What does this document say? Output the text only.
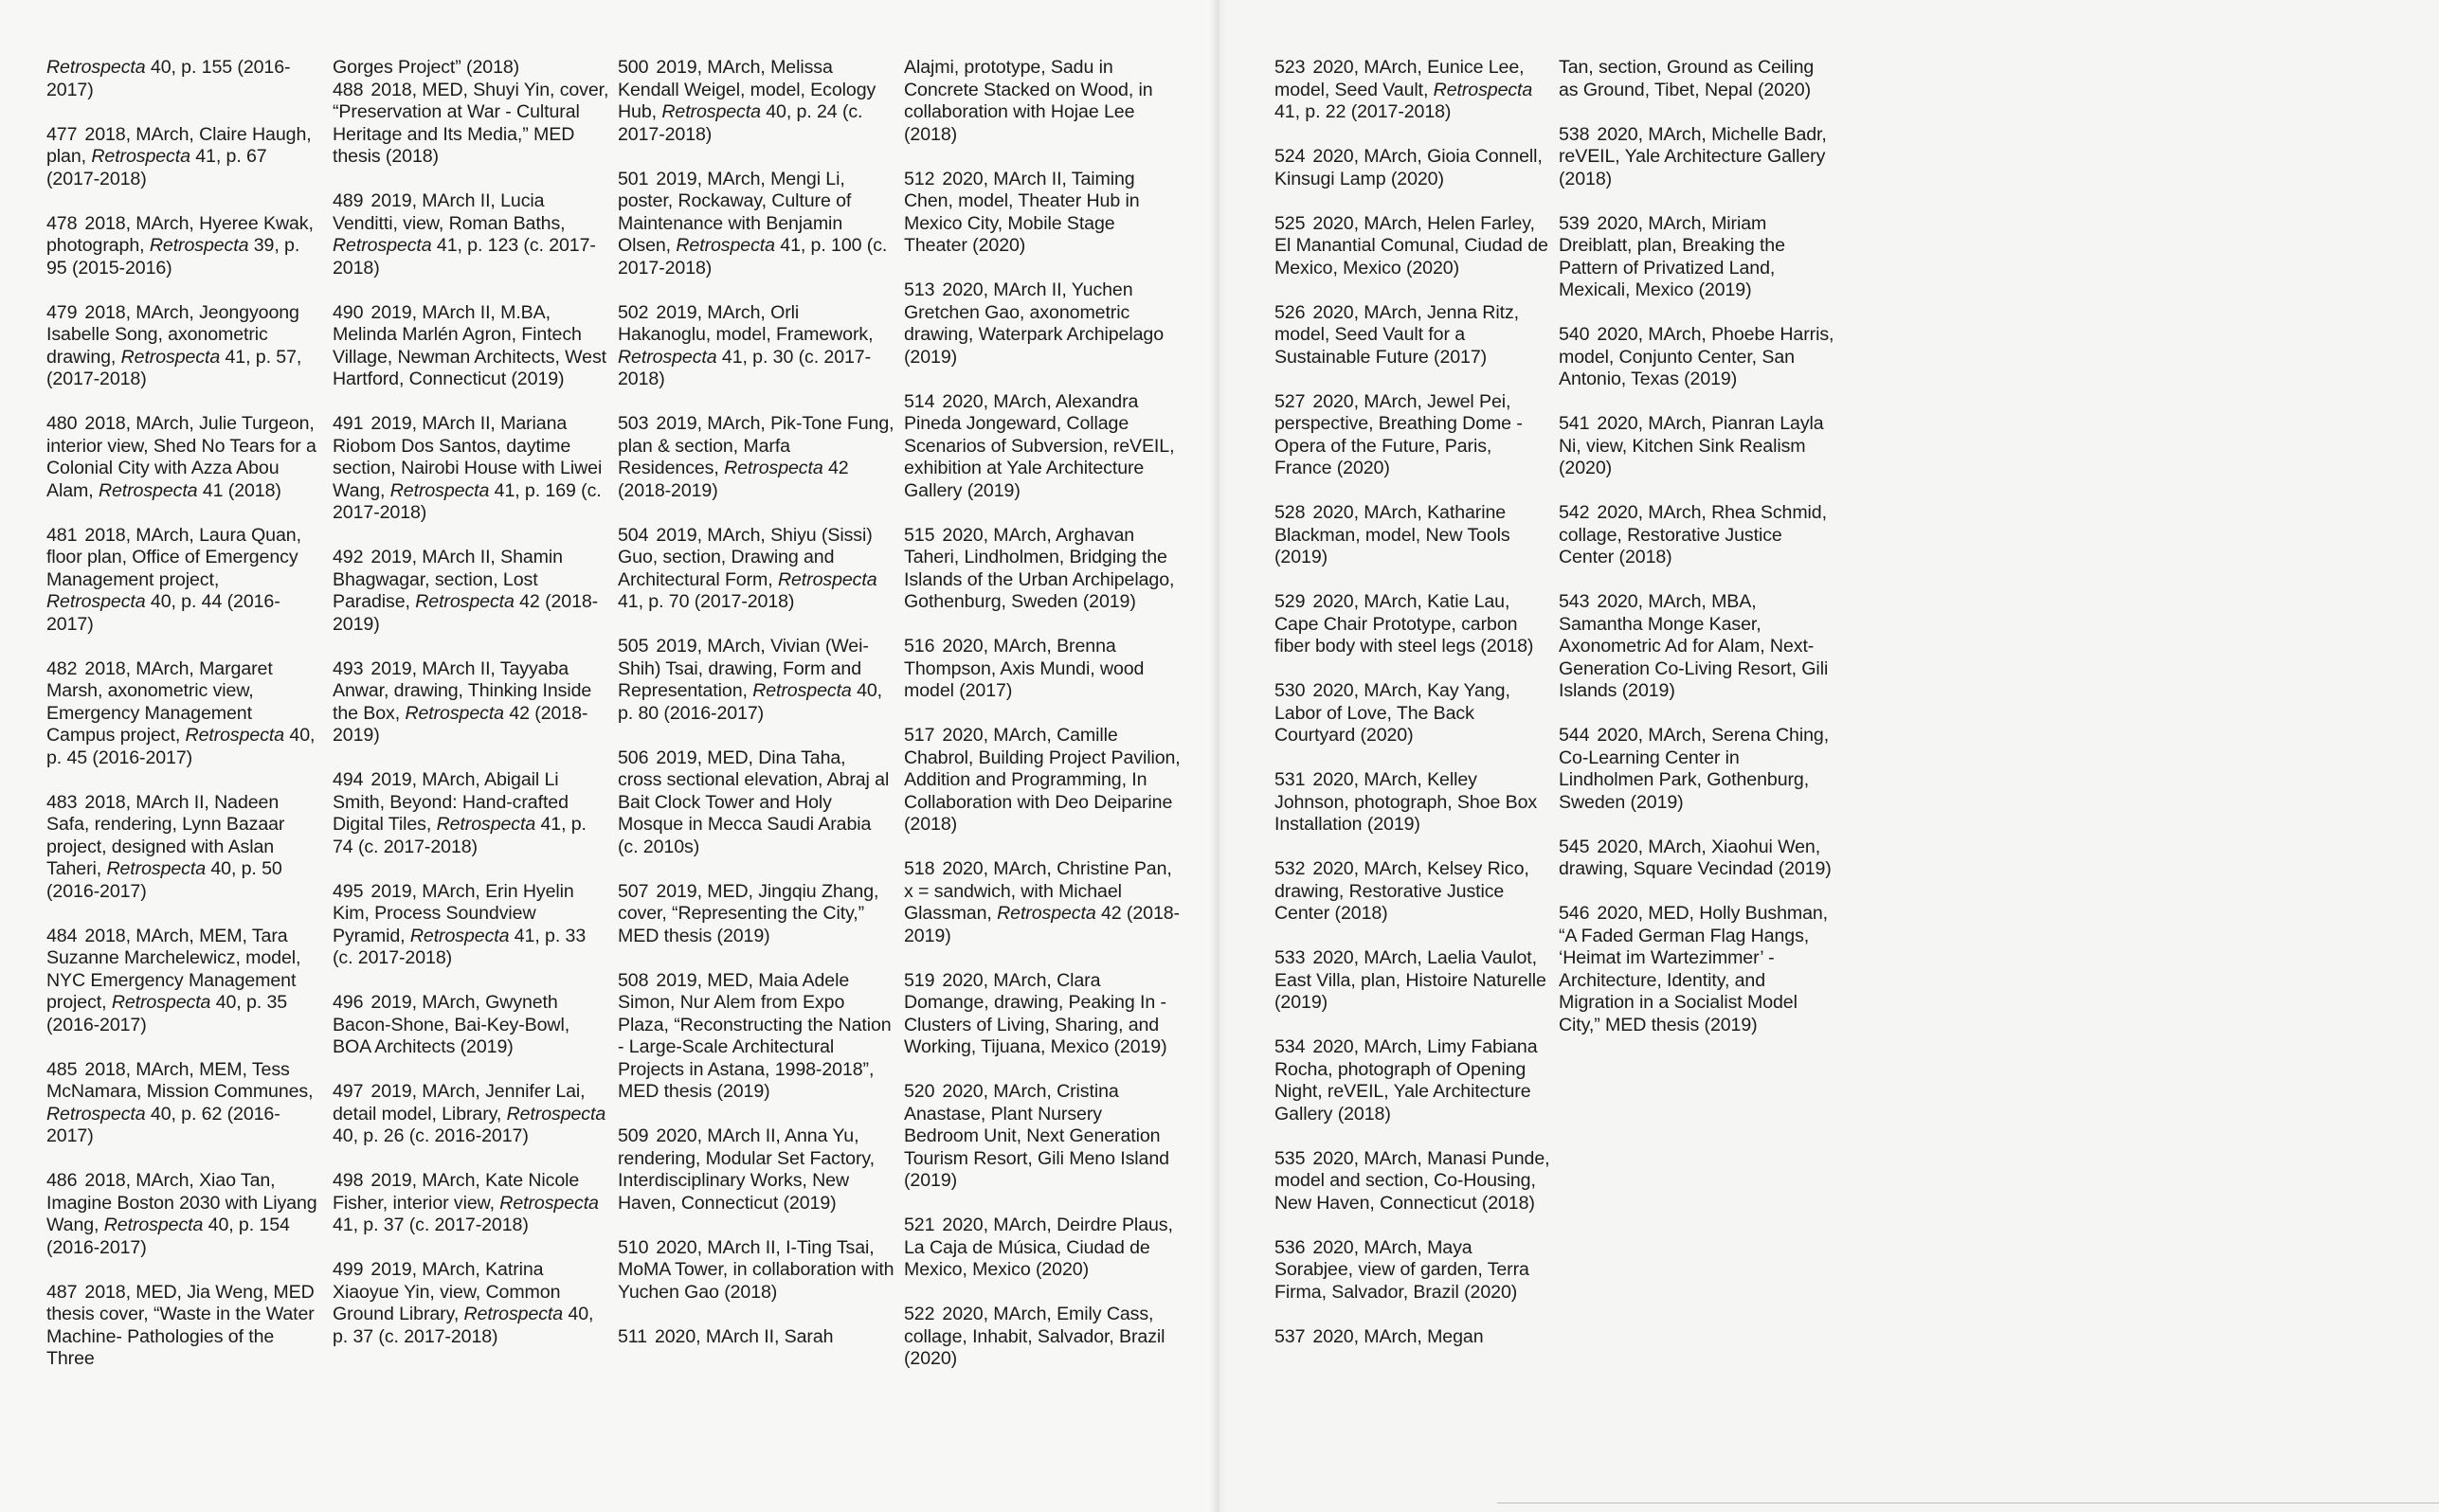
Retrospecta 40, p. 155 (2016-2017)

477 2018, MArch, Claire Haugh, plan, Retrospecta 41, p. 67 (2017-2018)

478 2018, MArch, Hyeree Kwak, photograph, Retrospecta 39, p. 95 (2015-2016)

479 2018, MArch, Jeongyoong Isabelle Song, axonometric drawing, Retrospecta 41, p. 57, (2017-2018)

480 2018, MArch, Julie Turgeon, interior view, Shed No Tears for a Colonial City with Azza Abou Alam, Retrospecta 41 (2018)

481 2018, MArch, Laura Quan, floor plan, Office of Emergency Management project, Retrospecta 40, p. 44 (2016-2017)

482 2018, MArch, Margaret Marsh, axonometric view, Emergency Management Campus project, Retrospecta 40, p. 45 (2016-2017)

483 2018, MArch II, Nadeen Safa, rendering, Lynn Bazaar project, designed with Aslan Taheri, Retrospecta 40, p. 50 (2016-2017)

484 2018, MArch, MEM, Tara Suzanne Marchelewicz, model, NYC Emergency Management project, Retrospecta 40, p. 35 (2016-2017)

485 2018, MArch, MEM, Tess McNamara, Mission Communes, Retrospecta 40, p. 62 (2016-2017)

486 2018, MArch, Xiao Tan, Imagine Boston 2030 with Liyang Wang, Retrospecta 40, p. 154 (2016-2017)

487 2018, MED, Jia Weng, MED thesis cover, “Waste in the Water Machine- Pathologies of the Three

Gorges Project” (2018)

488 2018, MED, Shuyi Yin, cover, “Preservation at War - Cultural Heritage and Its Media,” MED thesis (2018)

489 2019, MArch II, Lucia Venditti, view, Roman Baths, Retrospecta 41, p. 123 (c. 2017-2018)

490 2019, MArch II, M.BA, Melinda Marlén Agron, Fintech Village, Newman Architects, West Hartford, Connecticut (2019)

491 2019, MArch II, Mariana Riobom Dos Santos, daytime section, Nairobi House with Liwei Wang, Retrospecta 41, p. 169 (c. 2017-2018)

492 2019, MArch II, Shamin Bhagwagar, section, Lost Paradise, Retrospecta 42 (2018-2019)

493 2019, MArch II, Tayyaba Anwar, drawing, Thinking Inside the Box, Retrospecta 42 (2018-2019)

494 2019, MArch, Abigail Li Smith, Beyond: Hand-crafted Digital Tiles, Retrospecta 41, p. 74 (c. 2017-2018)

495 2019, MArch, Erin Hyelin Kim, Process Soundview Pyramid, Retrospecta 41, p. 33 (c. 2017-2018)

496 2019, MArch, Gwyneth Bacon-Shone, Bai-Key-Bowl, BOA Architects (2019)

497 2019, MArch, Jennifer Lai, detail model, Library, Retrospecta 40, p. 26 (c. 2016-2017)

498 2019, MArch, Kate Nicole Fisher, interior view, Retrospecta 41, p. 37 (c. 2017-2018)

499 2019, MArch, Katrina Xiaoyue Yin, view, Common Ground Library, Retrospecta 40, p. 37 (c. 2017-2018)

500 2019, MArch, Melissa Kendall Weigel, model, Ecology Hub, Retrospecta 40, p. 24 (c. 2017-2018)

501 2019, MArch, Mengi Li, poster, Rockaway, Culture of Maintenance with Benjamin Olsen, Retrospecta 41, p. 100 (c. 2017-2018)

502 2019, MArch, Orli Hakanoglu, model, Framework, Retrospecta 41, p. 30 (c. 2017-2018)

503 2019, MArch, Pik-Tone Fung, plan & section, Marfa Residences, Retrospecta 42 (2018-2019)

504 2019, MArch, Shiyu (Sissi) Guo, section, Drawing and Architectural Form, Retrospecta 41, p. 70 (2017-2018)

505 2019, MArch, Vivian (Wei-Shih) Tsai, drawing, Form and Representation, Retrospecta 40, p. 80 (2016-2017)

506 2019, MED, Dina Taha, cross sectional elevation, Abraj al Bait Clock Tower and Holy Mosque in Mecca Saudi Arabia (c. 2010s)

507 2019, MED, Jingqiu Zhang, cover, “Representing the City,” MED thesis (2019)

508 2019, MED, Maia Adele Simon, Nur Alem from Expo Plaza, “Reconstructing the Nation - Large-Scale Architectural Projects in Astana, 1998-2018”, MED thesis (2019)

509 2020, MArch II, Anna Yu, rendering, Modular Set Factory, Interdisciplinary Works, New Haven, Connecticut (2019)

510 2020, MArch II, I-Ting Tsai, MoMA Tower, in collaboration with Yuchen Gao (2018)

511 2020, MArch II, Sarah

Alajmi, prototype, Sadu in Concrete Stacked on Wood, in collaboration with Hojae Lee (2018)

512 2020, MArch II, Taiming Chen, model, Theater Hub in Mexico City, Mobile Stage Theater (2020)

513 2020, MArch II, Yuchen Gretchen Gao, axonometric drawing, Waterpark Archipelago (2019)

514 2020, MArch, Alexandra Pineda Jongeward, Collage Scenarios of Subversion, reVEIL, exhibition at Yale Architecture Gallery (2019)

515 2020, MArch, Arghavan Taheri, Lindholmen, Bridging the Islands of the Urban Archipelago, Gothenburg, Sweden (2019)

516 2020, MArch, Brenna Thompson, Axis Mundi, wood model (2017)

517 2020, MArch, Camille Chabrol, Building Project Pavilion, Addition and Programming, In Collaboration with Deo Deiparine (2018)

518 2020, MArch, Christine Pan, x = sandwich, with Michael Glassman, Retrospecta 42 (2018-2019)

519 2020, MArch, Clara Domange, drawing, Peaking In - Clusters of Living, Sharing, and Working, Tijuana, Mexico (2019)

520 2020, MArch, Cristina Anastase, Plant Nursery Bedroom Unit, Next Generation Tourism Resort, Gili Meno Island (2019)

521 2020, MArch, Deirdre Plaus, La Caja de Música, Ciudad de Mexico, Mexico (2020)

522 2020, MArch, Emily Cass, collage, Inhabit, Salvador, Brazil (2020)

523 2020, MArch, Eunice Lee, model, Seed Vault, Retrospecta 41, p. 22 (2017-2018)

524 2020, MArch, Gioia Connell, Kinsugi Lamp (2020)

525 2020, MArch, Helen Farley, El Manantial Comunal, Ciudad de Mexico, Mexico (2020)

526 2020, MArch, Jenna Ritz, model, Seed Vault for a Sustainable Future (2017)

527 2020, MArch, Jewel Pei, perspective, Breathing Dome - Opera of the Future, Paris, France (2020)

528 2020, MArch, Katharine Blackman, model, New Tools (2019)

529 2020, MArch, Katie Lau, Cape Chair Prototype, carbon fiber body with steel legs (2018)

530 2020, MArch, Kay Yang, Labor of Love, The Back Courtyard (2020)

531 2020, MArch, Kelley Johnson, photograph, Shoe Box Installation (2019)

532 2020, MArch, Kelsey Rico, drawing, Restorative Justice Center (2018)

533 2020, MArch, Laelia Vaulot, East Villa, plan, Histoire Naturelle (2019)

534 2020, MArch, Limy Fabiana Rocha, photograph of Opening Night, reVEIL, Yale Architecture Gallery (2018)

535 2020, MArch, Manasi Punde, model and section, Co-Housing, New Haven, Connecticut (2018)

536 2020, MArch, Maya Sorabjee, view of garden, Terra Firma, Salvador, Brazil (2020)

537 2020, MArch, Megan

Tan, section, Ground as Ceiling as Ground, Tibet, Nepal (2020)

538 2020, MArch, Michelle Badr, reVEIL, Yale Architecture Gallery (2018)

539 2020, MArch, Miriam Dreiblatt, plan, Breaking the Pattern of Privatized Land, Mexicali, Mexico (2019)

540 2020, MArch, Phoebe Harris, model, Conjunto Center, San Antonio, Texas (2019)

541 2020, MArch, Pianran Layla Ni, view, Kitchen Sink Realism (2020)

542 2020, MArch, Rhea Schmid, collage, Restorative Justice Center (2018)

543 2020, MArch, MBA, Samantha Monge Kaser, Axonometric Ad for Alam, Next-Generation Co-Living Resort, Gili Islands (2019)

544 2020, MArch, Serena Ching, Co-Learning Center in Lindholmen Park, Gothenburg, Sweden (2019)

545 2020, MArch, Xiaohui Wen, drawing, Square Vecindad (2019)

546 2020, MED, Holly Bushman, “A Faded German Flag Hangs, ‘Heimat im Wartezimmer’ - Architecture, Identity, and Migration in a Socialist Model City,” MED thesis (2019)
